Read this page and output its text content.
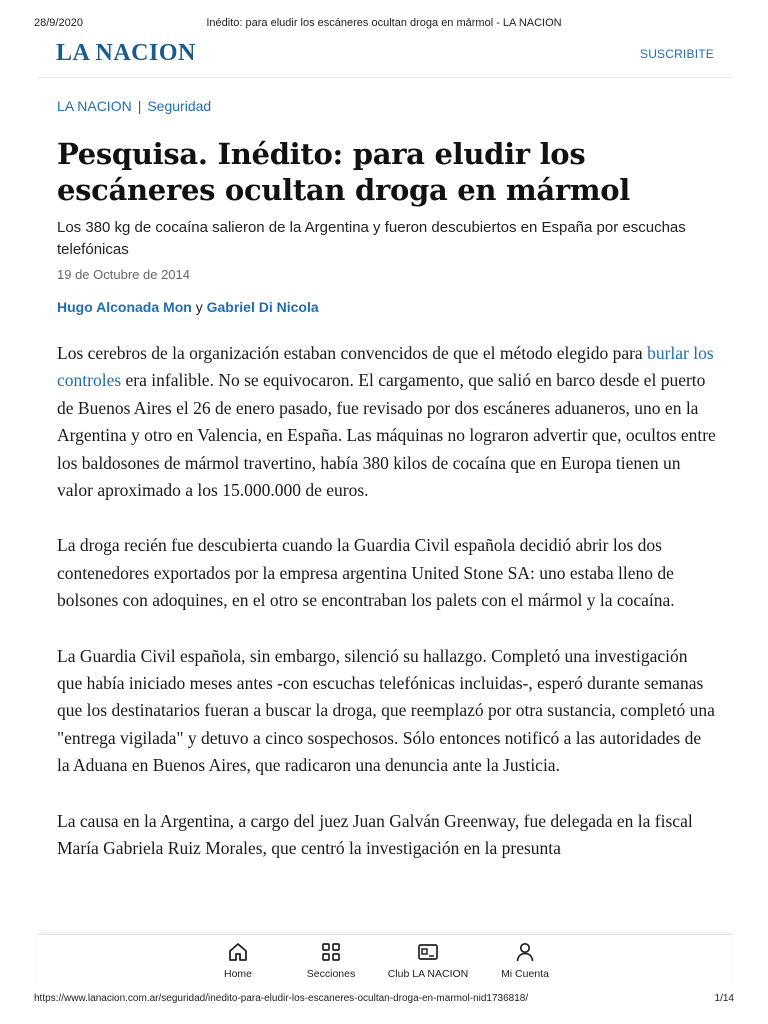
28/9/2020	Inédito: para eludir los escáneres ocultan droga en mármol - LA NACION
LA NACION	SUSCRIBITE
LA NACION | Seguridad
Pesquisa. Inédito: para eludir los escáneres ocultan droga en mármol
Los 380 kg de cocaína salieron de la Argentina y fueron descubiertos en España por escuchas telefónicas
19 de Octubre de 2014
Hugo Alconada Mon y Gabriel Di Nicola

Los cerebros de la organización estaban convencidos de que el método elegido para burlar los controles era infalible. No se equivocaron. El cargamento, que salió en barco desde el puerto de Buenos Aires el 26 de enero pasado, fue revisado por dos escáneres aduaneros, uno en la Argentina y otro en Valencia, en España. Las máquinas no lograron advertir que, ocultos entre los baldosones de mármol travertino, había 380 kilos de cocaína que en Europa tienen un valor aproximado a los 15.000.000 de euros.

La droga recién fue descubierta cuando la Guardia Civil española decidió abrir los dos contenedores exportados por la empresa argentina United Stone SA: uno estaba lleno de bolsones con adoquines, en el otro se encontraban los palets con el mármol y la cocaína.

La Guardia Civil española, sin embargo, silenció su hallazgo. Completó una investigación que había iniciado meses antes -con escuchas telefónicas incluidas-, esperó durante semanas que los destinatarios fueran a buscar la droga, que reemplazó por otra sustancia, completó una "entrega vigilada" y detuvo a cinco sospechosos. Sólo entonces notificó a las autoridades de la Aduana en Buenos Aires, que radicaron una denuncia ante la Justicia.

La causa en la Argentina, a cargo del juez Juan Galván Greenway, fue delegada en la fiscal María Gabriela Ruiz Morales, que centró la investigación en la presunta

Home	Secciones	Club LA NACION	Mi Cuenta
https://www.lanacion.com.ar/seguridad/inedito-para-eludir-los-escaneres-ocultan-droga-en-marmol-nid1736818/	1/14
